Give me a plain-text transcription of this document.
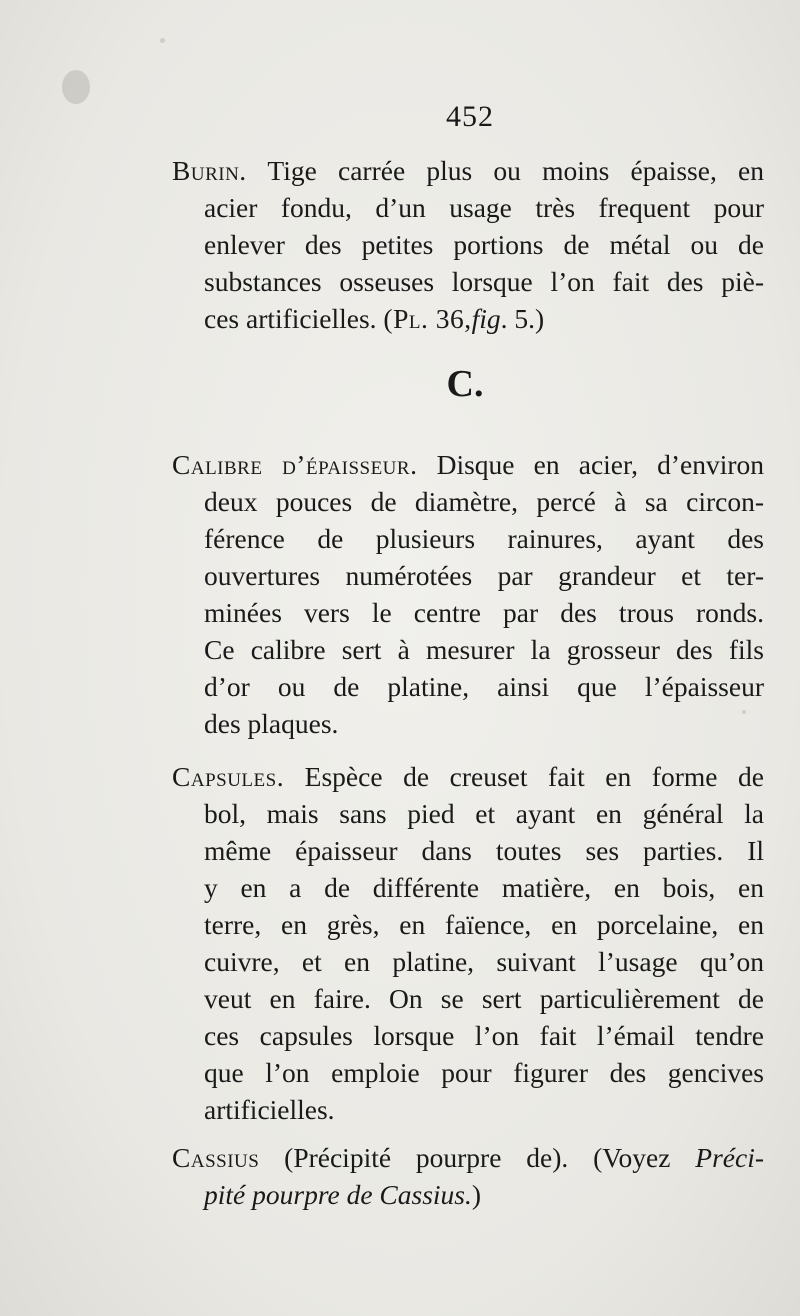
452
Burin. Tige carrée plus ou moins épaisse, en
acier fondu, d’un usage très frequent pour
enlever des petites portions de métal ou de
substances osseuses lorsque l’on fait des piè-
ces artificielles. (Pl. 36,fig. 5.)
C.
Calibre d’épaisseur. Disque en acier, d’environ
deux pouces de diamètre, percé à sa circon-
férence de plusieurs rainures, ayant des
ouvertures numérotées par grandeur et ter-
minées vers le centre par des trous ronds.
Ce calibre sert à mesurer la grosseur des fils
d’or ou de platine, ainsi que l’épaisseur
des plaques.
Capsules. Espèce de creuset fait en forme de
bol, mais sans pied et ayant en général la
même épaisseur dans toutes ses parties. Il
y en a de différente matière, en bois, en
terre, en grès, en faïence, en porcelaine, en
cuivre, et en platine, suivant l’usage qu’on
veut en faire. On se sert particulièrement de
ces capsules lorsque l’on fait l’émail tendre
que l’on emploie pour figurer des gencives
artificielles.
Cassius (Précipité pourpre de). (Voyez Préci-
pité pourpre de Cassius.)
